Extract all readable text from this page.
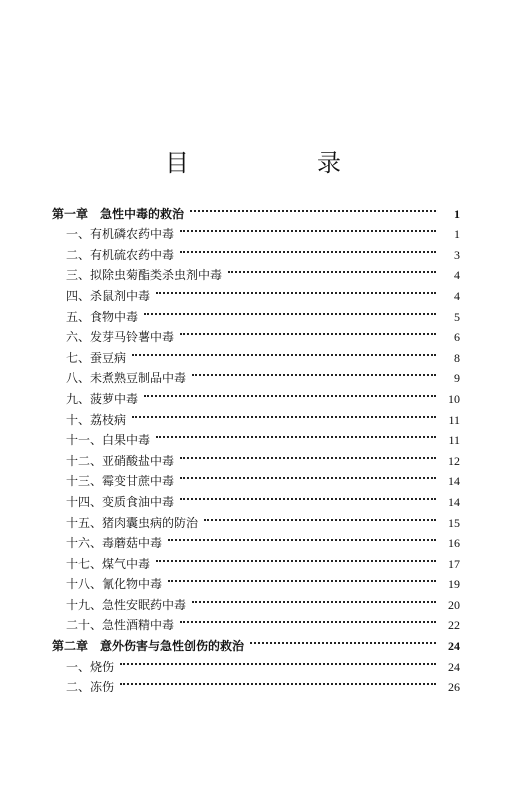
目　录
第一章　急性中毒的救治	1
一、有机磷农药中毒	1
二、有机硫农药中毒	3
三、拟除虫菊酯类杀虫剂中毒	4
四、杀鼠剂中毒	4
五、食物中毒	5
六、发芽马铃薯中毒	6
七、蚕豆病	8
八、未煮熟豆制品中毒	9
九、菠萝中毒	10
十、荔枝病	11
十一、白果中毒	11
十二、亚硝酸盐中毒	12
十三、霉变甘蔗中毒	14
十四、变质食油中毒	14
十五、猪肉囊虫病的防治	15
十六、毒蘑菇中毒	16
十七、煤气中毒	17
十八、氰化物中毒	19
十九、急性安眠药中毒	20
二十、急性酒精中毒	22
第二章　意外伤害与急性创伤的救治	24
一、烧伤	24
二、冻伤	26
